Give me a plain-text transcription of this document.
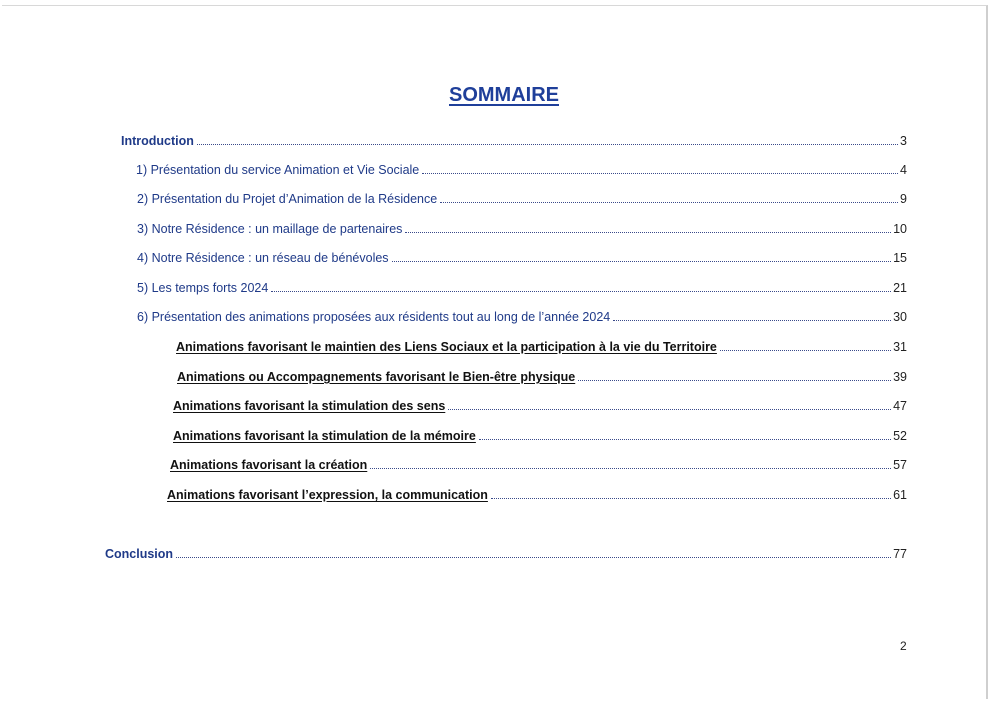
SOMMAIRE
Introduction	3
1) Présentation du service Animation et Vie Sociale	4
2) Présentation du Projet d’Animation de la Résidence	9
3) Notre Résidence : un maillage de partenaires	10
4) Notre Résidence : un réseau de bénévoles	15
5) Les temps forts 2024	21
6) Présentation des animations proposées aux résidents tout au long de l’année 2024	30
Animations favorisant le maintien des Liens Sociaux et la participation à la vie du Territoire	31
Animations ou Accompagnements favorisant le Bien-être physique	39
Animations favorisant la stimulation des sens	47
Animations favorisant la stimulation de la mémoire	52
Animations favorisant la création	57
Animations favorisant l’expression, la communication	61
Conclusion	77
2
